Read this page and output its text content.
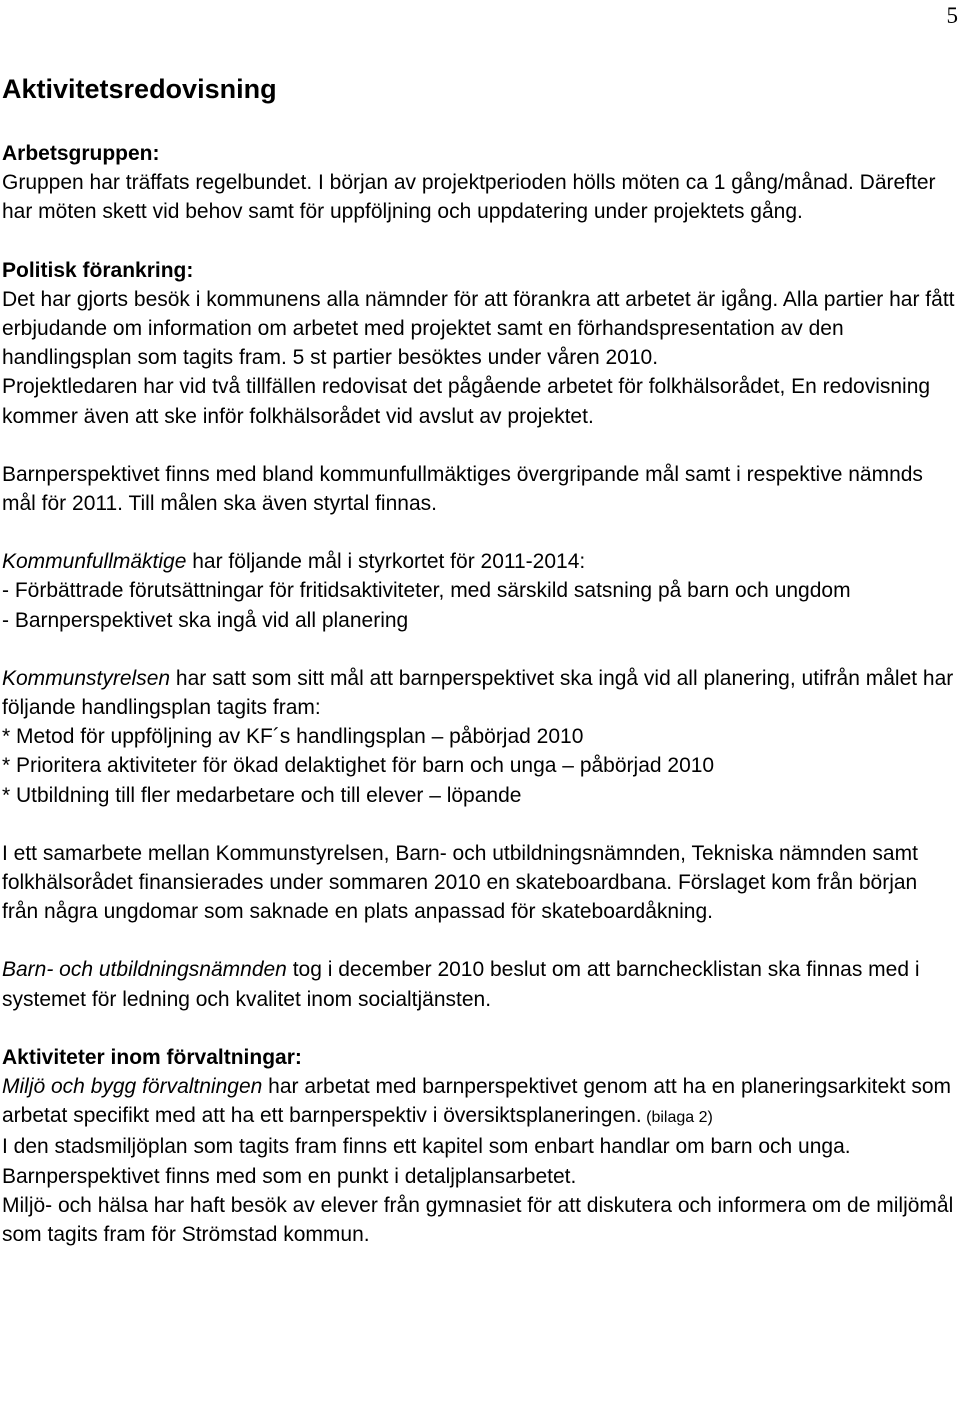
5
Aktivitetsredovisning

Arbetsgruppen:

Gruppen har träffats regelbundet. I början av projektperioden hölls möten ca 1 gång/månad. Därefter har möten skett vid behov samt för uppföljning och uppdatering under projektets gång.

Politisk förankring:

Det har gjorts besök i kommunens alla nämnder för att förankra att arbetet är igång. Alla partier har fått erbjudande om information om arbetet med projektet samt en förhandspresentation av den handlingsplan som tagits fram. 5 st partier besöktes under våren 2010.

Projektledaren har vid två tillfällen redovisat det pågående arbetet för folkhälsorådet, En redovisning kommer även att ske inför folkhälsorådet vid avslut av projektet.

Barnperspektivet finns med bland kommunfullmäktiges övergripande mål samt i respektive nämnds mål för 2011. Till målen ska även styrtal finnas.

Kommunfullmäktige har följande mål i styrkortet för 2011-2014:

- Förbättrade förutsättningar för fritidsaktiviteter, med särskild satsning på barn och ungdom

- Barnperspektivet ska ingå vid all planering

Kommunstyrelsen har satt som sitt mål att barnperspektivet ska ingå vid all planering, utifrån målet har följande handlingsplan tagits fram:

* Metod för uppföljning av KF´s handlingsplan – påbörjad 2010

* Prioritera aktiviteter för ökad delaktighet för barn och unga – påbörjad 2010

* Utbildning till fler medarbetare och till elever – löpande

I ett samarbete mellan Kommunstyrelsen, Barn- och utbildningsnämnden, Tekniska nämnden samt folkhälsorådet finansierades under sommaren 2010 en skateboardbana. Förslaget kom från början från några ungdomar som saknade en plats anpassad för skateboardåkning.

Barn- och utbildningsnämnden tog i december 2010 beslut om att barnchecklistan ska finnas med i systemet för ledning och kvalitet inom socialtjänsten.

Aktiviteter inom förvaltningar:

Miljö och bygg förvaltningen har arbetat med barnperspektivet genom att ha en planeringsarkitekt som arbetat specifikt med att ha ett barnperspektiv i översiktsplaneringen. (bilaga 2)

I den stadsmiljöplan som tagits fram finns ett kapitel som enbart handlar om barn och unga.

Barnperspektivet finns med som en punkt i detaljplansarbetet.

Miljö- och hälsa har haft besök av elever från gymnasiet för att diskutera och informera om de miljömål som tagits fram för Strömstad kommun.
